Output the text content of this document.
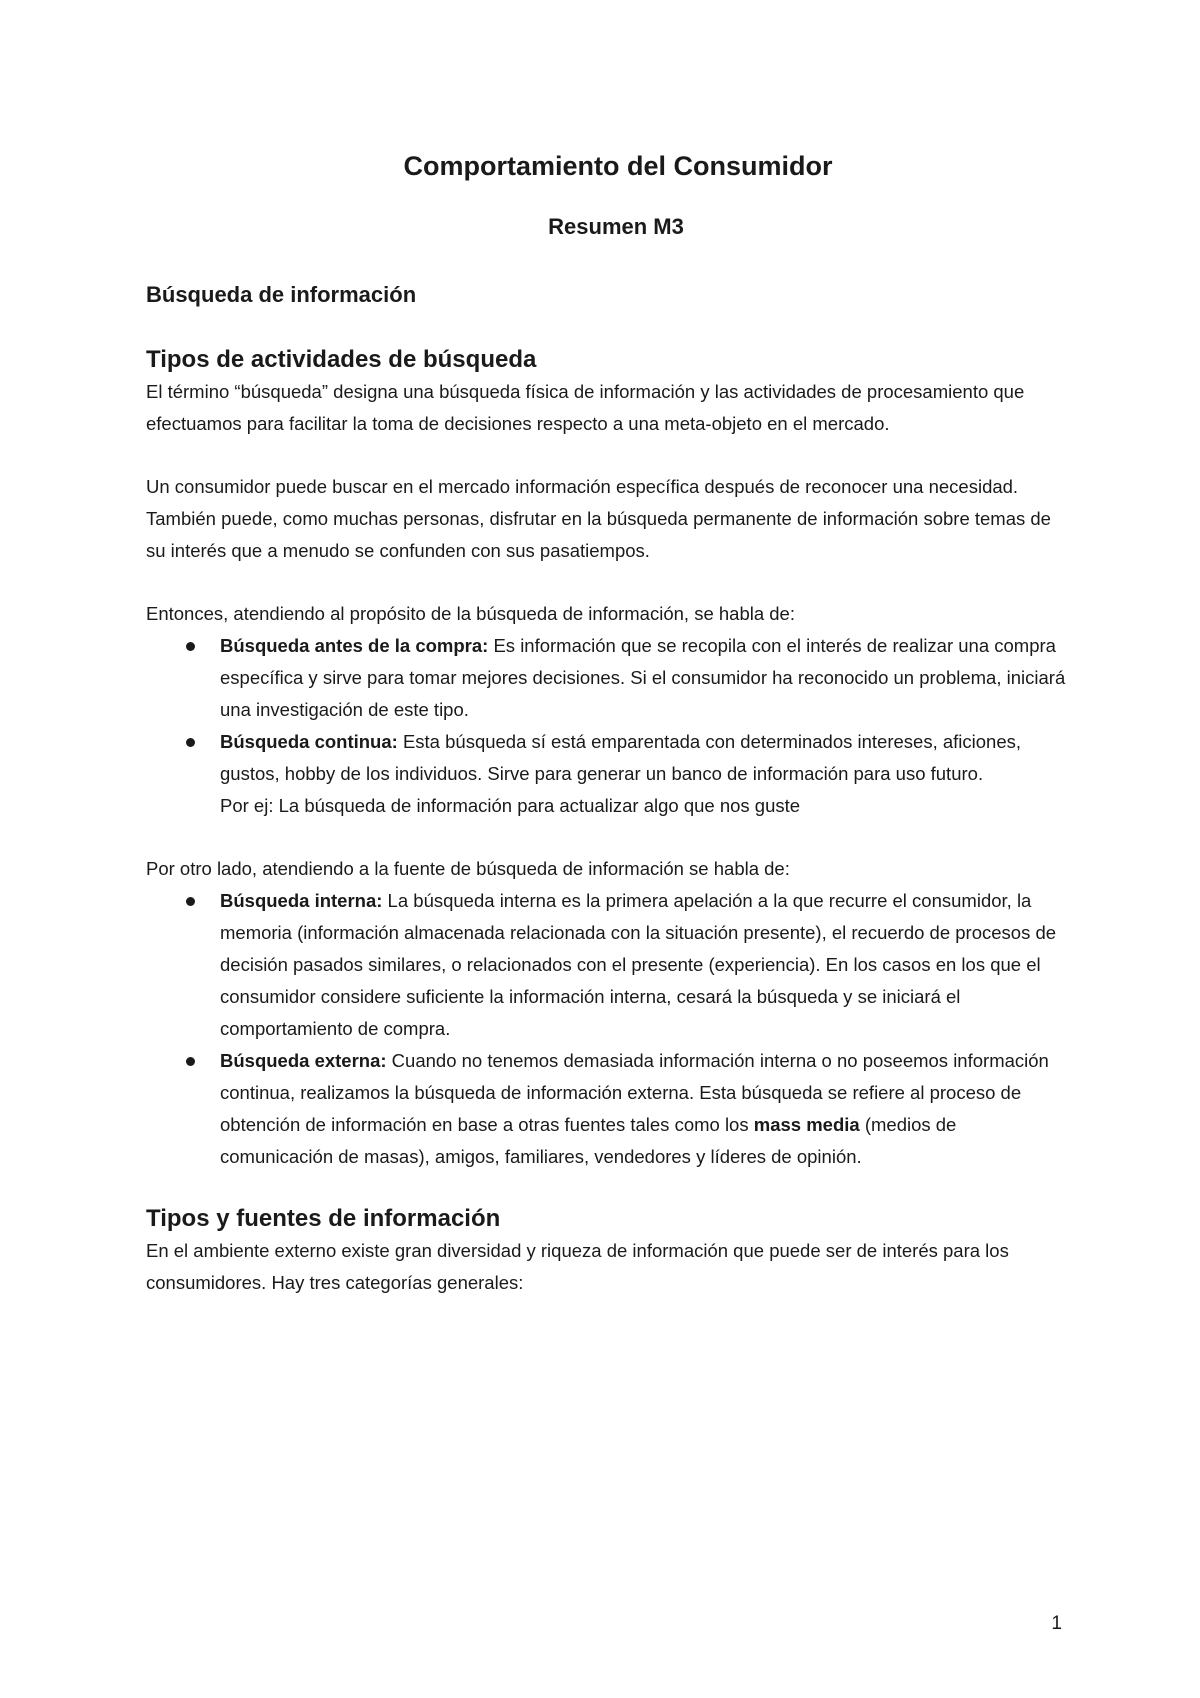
Comportamiento del Consumidor
Resumen M3
Búsqueda de información
Tipos de actividades de búsqueda

El término “búsqueda” designa una búsqueda física de información y las actividades de procesamiento que efectuamos para facilitar la toma de decisiones respecto a una meta-objeto en el mercado.

Un consumidor puede buscar en el mercado información específica después de reconocer una necesidad. También puede, como muchas personas, disfrutar en la búsqueda permanente de información sobre temas de su interés que a menudo se confunden con sus pasatiempos.

Entonces, atendiendo al propósito de la búsqueda de información, se habla de:

Búsqueda antes de la compra: Es información que se recopila con el interés de realizar una compra específica y sirve para tomar mejores decisiones. Si el consumidor ha reconocido un problema, iniciará una investigación de este tipo.
Búsqueda continua: Esta búsqueda sí está emparentada con determinados intereses, aficiones, gustos, hobby de los individuos. Sirve para generar un banco de información para uso futuro.
Por ej: La búsqueda de información para actualizar algo que nos guste

Por otro lado, atendiendo a la fuente de búsqueda de información se habla de:

Búsqueda interna: La búsqueda interna es la primera apelación a la que recurre el consumidor, la memoria (información almacenada relacionada con la situación presente), el recuerdo de procesos de decisión pasados similares, o relacionados con el presente (experiencia). En los casos en los que el consumidor considere suficiente la información interna, cesará la búsqueda y se iniciará el comportamiento de compra.
Búsqueda externa: Cuando no tenemos demasiada información interna o no poseemos información continua, realizamos la búsqueda de información externa. Esta búsqueda se refiere al proceso de obtención de información en base a otras fuentes tales como los mass media (medios de comunicación de masas), amigos, familiares, vendedores y líderes de opinión.
Tipos y fuentes de información

En el ambiente externo existe gran diversidad y riqueza de información que puede ser de interés para los consumidores. Hay tres categorías generales:

1
